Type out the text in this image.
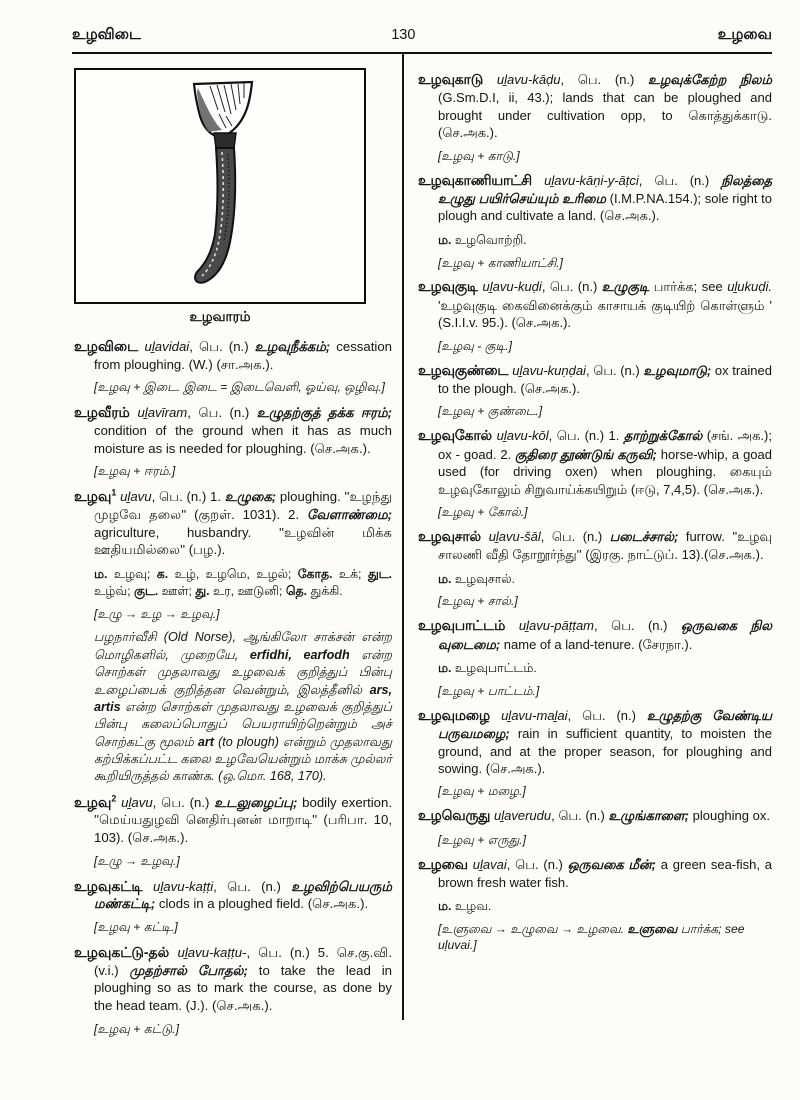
உழவிடை	130	உழவை
உழவாரம்
உழவிடை uḻavidai, பெ. (n.) உழவுநீக்கம்; cessation from ploughing. (W.) (சா.அக.).
[உழவு + இடை. இடை = இடைவெளி, ஓய்வு, ஒழிவு.]
உழவீரம் uḻavīram, பெ. (n.) உழுதற்குத் தக்க ஈரம்; condition of the ground when it has as much moisture as is needed for ploughing. (செ.அக.).
[உழவு + ஈரம்.]
உழவு$^1$ uḻavu, பெ. (n.) 1. உழுகை; ploughing. ''உழந்து முழவே தலை'' (குறள். 1031). 2. வேளாண்மை; agriculture, husbandry. ''உழவின் மிக்க ஊதியமில்லை'' (பழ.).
ம. உழவு; க. உழ், உழமெ, உழல்; கோத. உக்; துட. உழ்வ்; குட. ஊள்; து. உர, ஊடுனி; தெ. துக்கி.
[உழு → உழ → உழவு.]
பழநார்வீசி (Old Norse), ஆங்கிலோ சாக்சன் என்ற மொழிகளில், முறையே, erfidhi, earfodh என்ற சொற்கள் முதலாவது உழவைக் குறித்துப் பின்பு உழைப்பைக் குறித்தன வென்றும், இலத்தீனில் ars, artis என்ற சொற்கள் முதலாவது உழவைக் குறித்துப் பின்பு கலைப்பொதுப் பெயராயிற்றென்றும் அச் சொற்கட்கு மூலம் art (to plough) என்றும் முதலாவது கற்பிக்கப்பட்ட கலை உழவேயென்றும் மாக்சு முல்லர் கூறியிருத்தல் காண்க. (ஒ.மொ. 168, 170).
உழவு$^2$ uḻavu, பெ. (n.) உடலுழைப்பு; bodily exertion. ''மெய்யதுழவி னெதிர்புனன் மாறாடி'' (பரிபா. 10, 103). (செ.அக.).
[உழு → உழவு.]
உழவுகட்டி uḻavu-kaṭṭi, பெ. (n.) உழவிற்பெயரும் மண்கட்டி; clods in a ploughed field. (செ.அக.).
[உழவு + கட்டி.]
உழவுகட்டு-தல் uḻavu-kaṭṭu-, பெ. (n.) 5. செ.கு.வி. (v.i.) முதற்சால் போதல்; to take the lead in ploughing so as to mark the course, as done by the head team. (J.). (செ.அக.).
[உழவு + கட்டு.]
உழவுகாடு uḻavu-kāḍu, பெ. (n.) உழவுக்கேற்ற நிலம் (G.Sm.D.I, ii, 43.); lands that can be ploughed and brought under cultivation opp, to கொத்துக்காடு. (செ.அக.).
[உழவு + காடு.]
உழவுகாணியாட்சி uḻavu-kāṇi-y-āṭci, பெ. (n.) நிலத்தை உழுது பயிர்செய்யும் உரிமை (I.M.P.NA.154.); sole right to plough and cultivate a land. (செ.அக.).
ம. உழவொற்றி.
[உழவு + காணியாட்சி.]
உழவுகுடி uḻavu-kuḍi, பெ. (n.) உழுகுடி பார்க்க; see uḻukuḍi. 'உழவுகுடி கைவினைக்கும் காசாயக் குடியிற் கொள்ளும் ' (S.I.I.v. 95.). (செ.அக.).
[உழவு - குடி.]
உழவுகுண்டை uḻavu-kuṇḍai, பெ. (n.) உழவுமாடு; ox trained to the plough. (செ.அக.).
[உழவு + குண்டை.]
உழவுகோல் uḻavu-kōl, பெ. (n.) 1. தாற்றுக்கோல் (சங். அக.); ox - goad. 2. குதிரை தூண்டுங் கருவி; horse-whip, a goad used (for driving oxen) when ploughing. கையும் உழவுகோலும் சிறுவாய்க்கயிறும் (ஈடு, 7,4,5). (செ.அக.).
[உழவு + கோல்.]
உழவுசால் uḻavu-šāl, பெ. (n.) படைச்சால்; furrow. ''உழவு சாலணி வீதி தோறூர்ந்து'' (இரகு. நாட்டுப். 13).(செ.அக.).
ம. உழவுசால்.
[உழவு + சால்.]
உழவுபாட்டம் uḻavu-pāṭṭam, பெ. (n.) ஒருவகை நில வுடைமை; name of a land-tenure. (சேரநா.).
ம. உழவுபாட்டம்.
[உழவு + பாட்டம்.]
உழவுமழை uḻavu-maḻai, பெ. (n.) உழுதற்கு வேண்டிய பருவமழை; rain in sufficient quantity, to moisten the ground, and at the proper season, for ploughing and sowing. (செ.அக.).
[உழவு + மழை.]
உழவெருது uḻaverudu, பெ. (n.) உழுங்காளை; ploughing ox.
[உழவு + எருது.]
உழவை uḻavai, பெ. (n.) ஒருவகை மீன்; a green sea-fish, a brown fresh water fish.
ம. உழவ.
[உளுவை → உழுவை → உழவை. உளுவை பார்க்க; see uḷuvai.]
